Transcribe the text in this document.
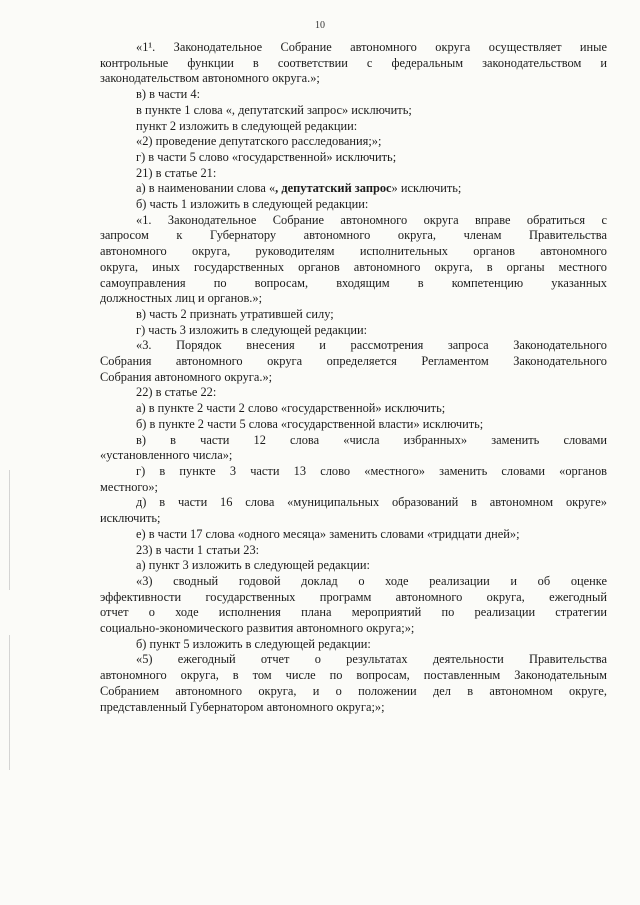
10
«1¹. Законодательное Собрание автономного округа осуществляет иные
контрольные функции в соответствии с федеральным законодательством и
законодательством автономного округа.»;
в) в части 4:
в пункте 1 слова «, депутатский запрос» исключить;
пункт 2 изложить в следующей редакции:
«2) проведение депутатского расследования;»;
г) в части 5 слово «государственной» исключить;
21) в статье 21:
а) в наименовании слова «, депутатский запрос» исключить;
б) часть 1 изложить в следующей редакции:
«1. Законодательное Собрание автономного округа вправе обратиться с
запросом к Губернатору автономного округа, членам Правительства
автономного округа, руководителям исполнительных органов автономного
округа, иных государственных органов автономного округа, в органы местного
самоуправления по вопросам, входящим в компетенцию указанных
должностных лиц и органов.»;
в) часть 2 признать утратившей силу;
г) часть 3 изложить в следующей редакции:
«3. Порядок внесения и рассмотрения запроса Законодательного
Собрания автономного округа определяется Регламентом Законодательного
Собрания автономного округа.»;
22) в статье 22:
а) в пункте 2 части 2 слово «государственной» исключить;
б) в пункте 2 части 5 слова «государственной власти» исключить;
в) в части 12 слова «числа избранных» заменить словами
«установленного числа»;
г) в пункте 3 части 13 слово «местного» заменить словами «органов
местного»;
д) в части 16 слова «муниципальных образований в автономном округе»
исключить;
е) в части 17 слова «одного месяца» заменить словами «тридцати дней»;
23) в части 1 статьи 23:
а) пункт 3 изложить в следующей редакции:
«3) сводный годовой доклад о ходе реализации и об оценке
эффективности государственных программ автономного округа, ежегодный
отчет о ходе исполнения плана мероприятий по реализации стратегии
социально-экономического развития автономного округа;»;
б) пункт 5 изложить в следующей редакции:
«5) ежегодный отчет о результатах деятельности Правительства
автономного округа, в том числе по вопросам, поставленным Законодательным
Собранием автономного округа, и о положении дел в автономном округе,
представленный Губернатором автономного округа;»;
